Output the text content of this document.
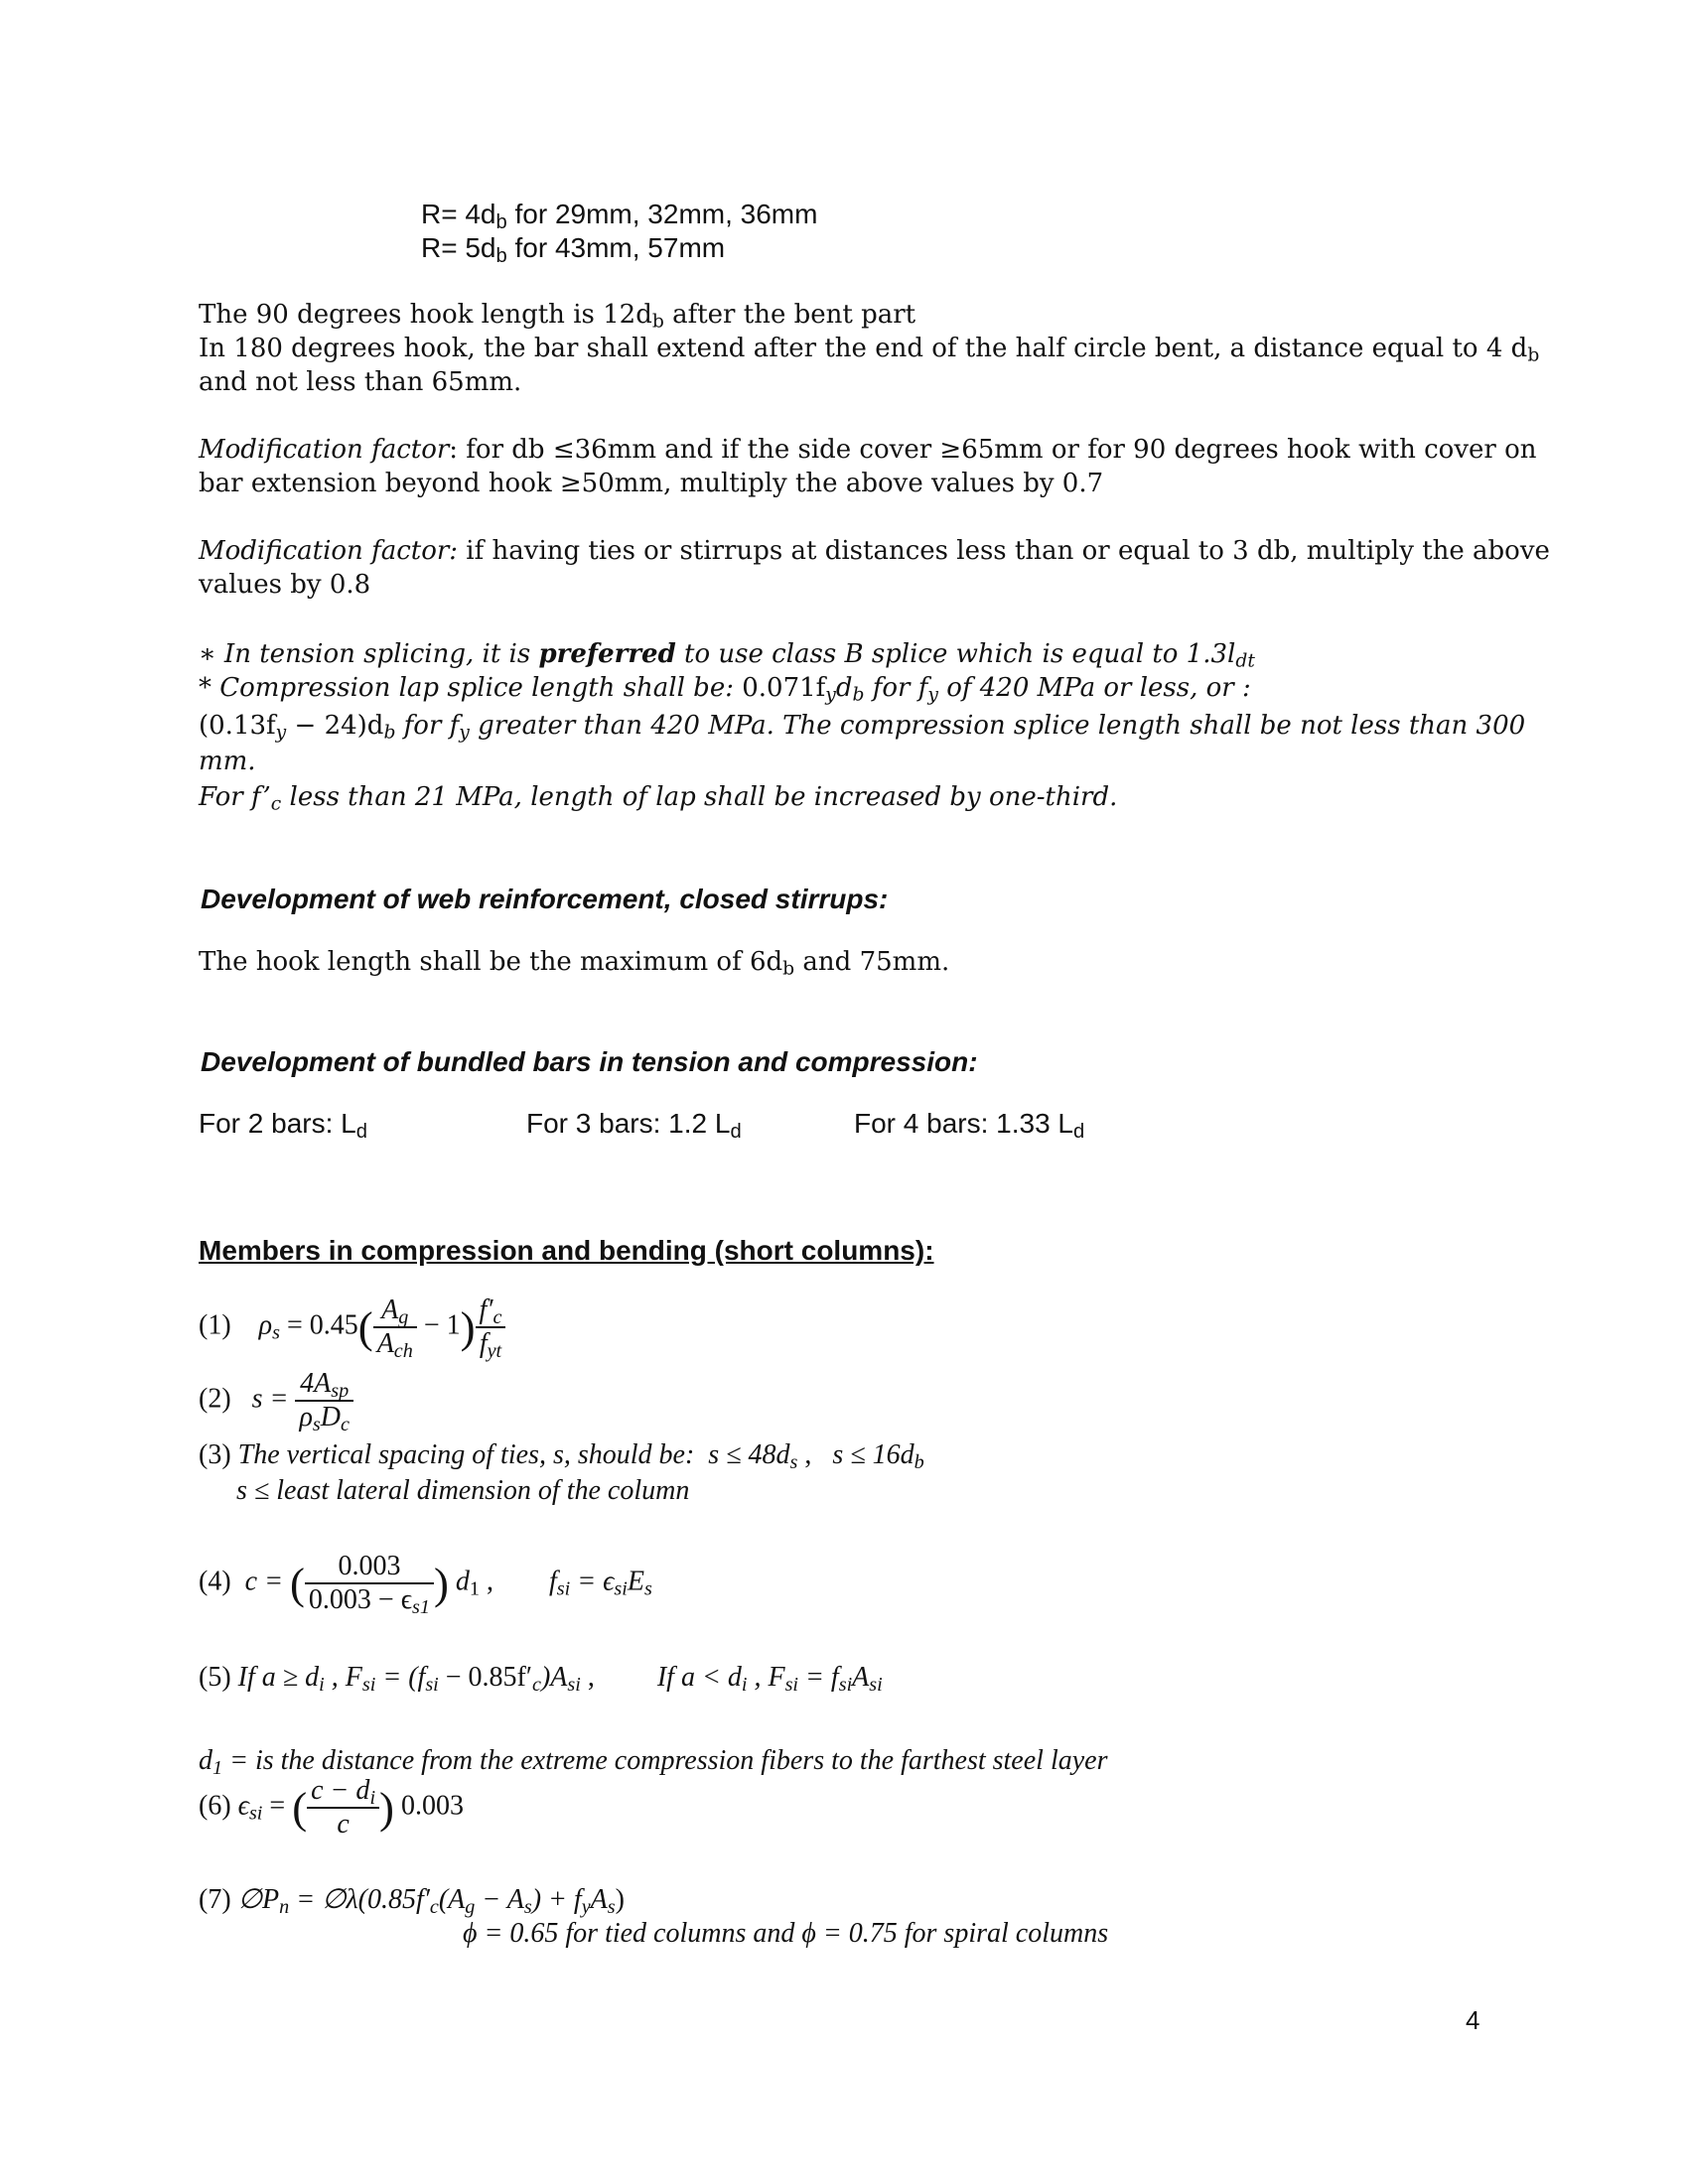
$R= 4d_b$ for 29mm, 32mm, 36mm
$R= 5d_b$ for 43mm, 57mm
The 90 degrees hook length is $12d_b$ after the bent part
In 180 degrees hook, the bar shall extend after the end of the half circle bent, a distance equal to 4 $d_b$
and not less than 65mm.
Modification factor: for db ≤36mm and if the side cover ≥65mm or for 90 degrees hook with cover on
bar extension beyond hook ≥50mm, multiply the above values by 0.7
Modification factor: if having ties or stirrups at distances less than or equal to 3 db, multiply the above
values by 0.8
∗ In tension splicing, it is preferred to use class B splice which is equal to $1.3l_{dt}$
* Compression lap splice length shall be: $0.071f_yd_b$ for $f_y$ of 420 MPa or less, or :
$(0.13f_y - 24)d_b$ for $f_y$ greater than 420 MPa. The compression splice length shall be not less than 300
mm.
For $f’_c$ less than 21 MPa, length of lap shall be increased by one-third.
Development of web reinforcement, closed stirrups:
The hook length shall be the maximum of $6d_b$ and 75mm.
Development of bundled bars in tension and compression:
For 2 bars: $L_d$	For 3 bars: 1.2 $L_d$	For 4 bars: 1.33 $L_d$
Members in compression and bending (short columns):
(1) $\rho_s = 0.45( \frac{A_g}{A_{ch}} - 1) \frac{f'_c}{f_{yt}}$
(2) $s = \frac{4A_{sp}}{\rho_sD_c}$
(3) The vertical spacing of ties, s, should be:  $s \le 48d_s$ ,   $s \le 16d_b$
s ≤ least lateral dimension of the column
(4) c = ( $\frac{0.003}{0.003 - \epsilon_{s1}}$ ) $d_1$ , $f_{si} = \epsilon_{si}E_s$
(5) If $a \ge d_i$ , $F_{si} = (f_{si} - 0.85f'_c)A_{si}$ , If $a < d_i$ , $F_{si} = f_{si}A_{si}$
$d_1$ = is the distance from the extreme compression fibers to the farthest steel layer
(6) $\epsilon_{si}$ = ( $\frac{c - d_i}{c}$ ) 0.003
(7) $\emptyset P_n$ = $\emptyset\lambda(0.85f'_c(A_g - A_s) + f_yA_s)$
ϕ = 0.65 for tied columns and ϕ = 0.75 for spiral columns
4
